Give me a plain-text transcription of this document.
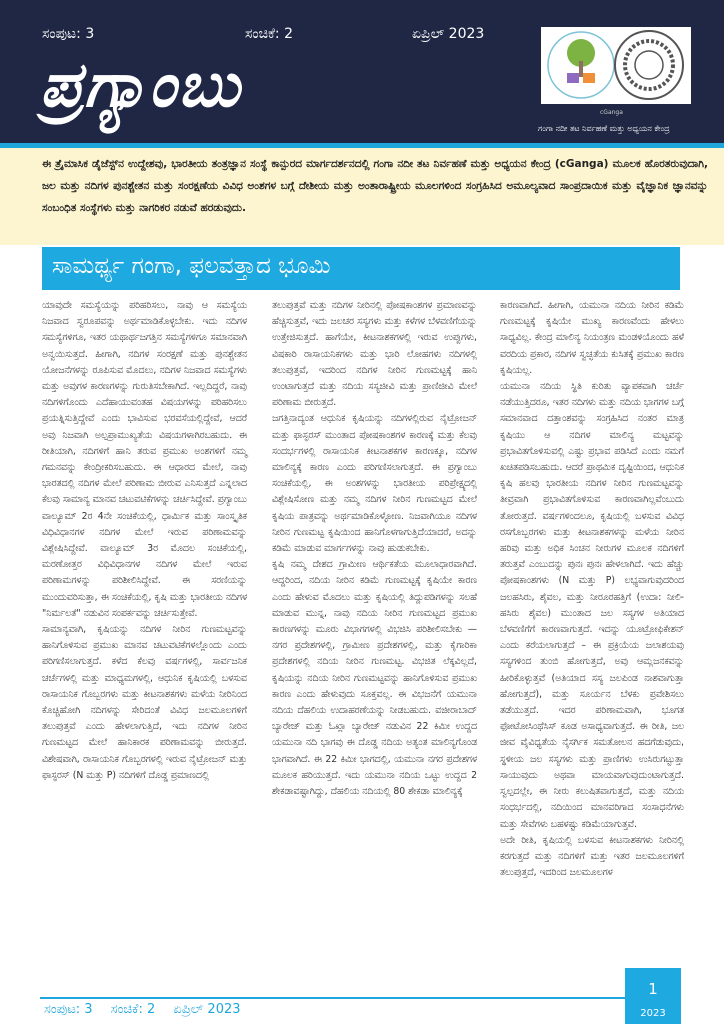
ಸಂಪುಟ: 3	ಸಂಚಿಕೆ: 2	ಏಪ್ರಿಲ್ 2023
ಪ್ರಗ್ಯಾಂಬು	cGanga
ಗಂಗಾ ನದೀ ತಟ ನಿರ್ವಹಣೆ ಮತ್ತು ಅಧ್ಯಯನ ಕೇಂದ್ರ

ಈ ತ್ರೈಮಾಸಿಕ ಡೈಜೆಸ್ಟ್‌ನ ಉದ್ದೇಶವು, ಭಾರತೀಯ ತಂತ್ರಜ್ಞಾನ ಸಂಸ್ಥೆ ಕಾನ್ಪುರದ ಮಾರ್ಗದರ್ಶನದಲ್ಲಿ ಗಂಗಾ ನದೀ ತಟ ನಿರ್ವಹಣೆ ಮತ್ತು ಅಧ್ಯಯನ ಕೇಂದ್ರ (cGanga) ಮೂಲಕ ಹೊರತರುವುದಾಗಿ, ಜಲ ಮತ್ತು ನದಿಗಳ ಪುನಶ್ಚೇತನ ಮತ್ತು ಸಂರಕ್ಷಣೆಯ ವಿವಿಧ ಅಂಶಗಳ ಬಗ್ಗೆ ದೇಶೀಯ ಮತ್ತು ಅಂತಾರಾಷ್ಟ್ರೀಯ ಮೂಲಗಳಿಂದ ಸಂಗ್ರಹಿಸಿದ ಅಮೂಲ್ಯವಾದ ಸಾಂಪ್ರದಾಯಿಕ ಮತ್ತು ವೈಜ್ಞಾನಿಕ ಜ್ಞಾನವನ್ನು ಸಂಬಂಧಿತ ಸಂಸ್ಥೆಗಳು ಮತ್ತು ನಾಗರಿಕರ ನಡುವೆ ಹರಡುವುದು.

ಸಾಮರ್ಥ್ಯ ಗಂಗಾ, ಫಲವತ್ತಾದ ಭೂಮಿ

ಯಾವುದೇ ಸಮಸ್ಯೆಯನ್ನು ಪರಿಹರಿಸಲು, ನಾವು ಆ ಸಮಸ್ಯೆಯ ನಿಜವಾದ ಸ್ವರೂಪವನ್ನು ಅರ್ಥಮಾಡಿಕೊಳ್ಳಬೇಕು. ಇದು ನದಿಗಳ ಸಮಸ್ಯೆಗಳಿಗೂ, ಇತರ ಯಥಾರ್ಥಜಗತ್ತಿನ ಸಮಸ್ಯೆಗಳಿಗೂ ಸಮಾನವಾಗಿ ಅನ್ವಯಿಸುತ್ತದೆ. ಹೀಗಾಗಿ, ನದಿಗಳ ಸಂರಕ್ಷಣೆ ಮತ್ತು ಪುನಶ್ಚೇತನ ಯೋಜನೆಗಳನ್ನು ರೂಪಿಸುವ ಮೊದಲು, ನದಿಗಳ ನಿಜವಾದ ಸಮಸ್ಯೆಗಳು ಮತ್ತು ಅವುಗಳ ಕಾರಣಗಳನ್ನು ಗುರುತಿಸಬೇಕಾಗಿದೆ. ಇಲ್ಲದಿದ್ದರೆ, ನಾವು ನದಿಗಳಿಗೊಂದು ಎದೆಹಾಯುವಂತಹ ವಿಷಯಗಳನ್ನು ಪರಿಹರಿಸಲು ಪ್ರಯತ್ನಿಸುತ್ತಿದ್ದೇವೆ ಎಂದು ಭಾವಿಸುವ ಭರವಸೆಯಲ್ಲಿದ್ದೇವೆ, ಆದರೆ ಅವು ನಿಜವಾಗಿ ಅಲ್ಪಪ್ರಾಮುಖ್ಯತೆಯ ವಿಷಯಗಳಾಗಿರಬಹುದು. ಈ ರೀತಿಯಾಗಿ, ನದಿಗಳಿಗೆ ಹಾನಿ ತರುವ ಪ್ರಮುಖ ಅಂಶಗಳಿಗೆ ನಮ್ಮ ಗಮನವನ್ನು ಕೇಂದ್ರೀಕರಿಸಬಹುದು. ಈ ಆಧಾರದ ಮೇಲೆ, ನಾವು ಭಾರತದಲ್ಲಿ ನದಿಗಳ ಮೇಲೆ ಪರಿಣಾಮ ಬೀರುವ ಎನಿಸುತ್ತದೆ ಎನ್ನಲಾದ ಕೆಲವು ಸಾಮಾನ್ಯ ಮಾನವ ಚಟುವಟಿಕೆಗಳನ್ನು ಚರ್ಚಿಸಿದ್ದೇವೆ. ಪ್ರಗ್ಯಾಂಬು ವಾಲ್ಯೂಮ್ 2ರ 4ನೇ ಸಂಚಿಕೆಯಲ್ಲಿ, ಧಾರ್ಮಿಕ ಮತ್ತು ಸಾಂಸ್ಕೃತಿಕ ವಿಧಿವಿಧಾನಗಳ ನದಿಗಳ ಮೇಲೆ ಇರುವ ಪರಿಣಾಮವನ್ನು ವಿಶ್ಲೇಷಿಸಿದ್ದೇವೆ. ವಾಲ್ಯೂಮ್ 3ರ ಮೊದಲ ಸಂಚಿಕೆಯಲ್ಲಿ, ಮರಣೋತ್ತರ ವಿಧಿವಿಧಾನಗಳ ನದಿಗಳ ಮೇಲೆ ಇರುವ ಪರಿಣಾಮಗಳನ್ನು ಪರಿಶೀಲಿಸಿದ್ದೇವೆ. ಈ ಸರಣಿಯನ್ನು ಮುಂದುವರಿಸುತ್ತಾ, ಈ ಸಂಚಿಕೆಯಲ್ಲಿ, ಕೃಷಿ ಮತ್ತು ಭಾರತೀಯ ನದಿಗಳ "ನಿರ್ಮಲತೆ" ನಡುವಿನ ಸಂಪರ್ಕವನ್ನು ಚರ್ಚಿಸುತ್ತೇವೆ.

ಸಾಮಾನ್ಯವಾಗಿ, ಕೃಷಿಯನ್ನು ನದಿಗಳ ನೀರಿನ ಗುಣಮಟ್ಟವನ್ನು ಹಾನಿಗೊಳಿಸುವ ಪ್ರಮುಖ ಮಾನವ ಚಟುವಟಿಕೆಗಳಲ್ಲೊಂದು ಎಂದು ಪರಿಗಣಿಸಲಾಗುತ್ತದೆ. ಕಳೆದ ಕೆಲವು ವರ್ಷಗಳಲ್ಲಿ, ಸಾರ್ವಜನಿಕ ಚರ್ಚೆಗಳಲ್ಲಿ ಮತ್ತು ಮಾಧ್ಯಮಗಳಲ್ಲಿ, ಆಧುನಿಕ ಕೃಷಿಯಲ್ಲಿ ಬಳಸುವ ರಾಸಾಯನಿಕ ಗೊಬ್ಬರಗಳು ಮತ್ತು ಕೀಟನಾಶಕಗಳು ಮಳೆಯ ನೀರಿನಿಂದ ಕೊಚ್ಚಿಹೋಗಿ ನದಿಗಳನ್ನು ಸೇರಿದಂತೆ ವಿವಿಧ ಜಲಮೂಲಗಳಿಗೆ ತಲುಪುತ್ತವೆ ಎಂದು ಹೇಳಲಾಗುತ್ತಿದೆ, ಇದು ನದಿಗಳ ನೀರಿನ ಗುಣಮಟ್ಟದ ಮೇಲೆ ಹಾನಿಕಾರಕ ಪರಿಣಾಮವನ್ನು ಬೀರುತ್ತದೆ. ವಿಶೇಷವಾಗಿ, ರಾಸಾಯನಿಕ ಗೊಬ್ಬರಗಳಲ್ಲಿ ಇರುವ ನೈಟ್ರೋಜನ್ ಮತ್ತು ಫಾಸ್ಫರಸ್ (N ಮತ್ತು P) ನದಿಗಳಿಗೆ ದೊಡ್ಡ ಪ್ರಮಾಣದಲ್ಲಿ

ತಲುಪುತ್ತವೆ ಮತ್ತು ನದಿಗಳ ನೀರಿನಲ್ಲಿ ಪೋಷಕಾಂಶಗಳ ಪ್ರಮಾಣವನ್ನು ಹೆಚ್ಚಿಸುತ್ತವೆ, ಇದು ಜಲಚರ ಸಸ್ಯಗಳು ಮತ್ತು ಕಳೆಗಳ ಬೆಳವಣಿಗೆಯನ್ನು ಉತ್ತೇಜಿಸುತ್ತದೆ. ಹಾಗೆಯೇ, ಕೀಟನಾಶಕಗಳಲ್ಲಿ ಇರುವ ಉಪ್ಪುಗಳು, ವಿಷಕಾರಿ ರಾಸಾಯನಿಕಗಳು ಮತ್ತು ಭಾರಿ ಲೋಹಗಳು ನದಿಗಳಲ್ಲಿ ತಲುಪುತ್ತವೆ, ಇದರಿಂದ ನದಿಗಳ ನೀರಿನ ಗುಣಮಟ್ಟಕ್ಕೆ ಹಾನಿ ಉಂಟಾಗುತ್ತದೆ ಮತ್ತು ನದಿಯ ಸಸ್ಯಜೀವಿ ಮತ್ತು ಪ್ರಾಣಿಜೀವಿ ಮೇಲೆ ಪರಿಣಾಮ ಬೀರುತ್ತದೆ.

ಜಗತ್ತಿನಾದ್ಯಂತ ಆಧುನಿಕ ಕೃಷಿಯನ್ನು ನದಿಗಳಲ್ಲಿರುವ ನೈಟ್ರೋಜನ್ ಮತ್ತು ಫಾಸ್ಫರಸ್ ಮುಂತಾದ ಪೋಷಕಾಂಶಗಳ ಕಾರಣಕ್ಕೆ ಮತ್ತು ಕೆಲವು ಸಂದರ್ಭಗಳಲ್ಲಿ ರಾಸಾಯನಿಕ ಕೀಟನಾಶಕಗಳ ಕಾರಣಕ್ಕೂ, ನದಿಗಳ ಮಾಲಿನ್ಯಕ್ಕೆ ಕಾರಣ ಎಂದು ಪರಿಗಣಿಸಲಾಗುತ್ತದೆ. ಈ ಪ್ರಗ್ಯಾಂಬು ಸಂಚಿಕೆಯಲ್ಲಿ, ಈ ಅಂಶಗಳನ್ನು ಭಾರತೀಯ ಪರಿಪ್ರೇಕ್ಷ್ಯದಲ್ಲಿ ವಿಶ್ಲೇಷಿಸೋಣ ಮತ್ತು ನಮ್ಮ ನದಿಗಳ ನೀರಿನ ಗುಣಮಟ್ಟದ ಮೇಲೆ ಕೃಷಿಯ ಪಾತ್ರವನ್ನು ಅರ್ಥಮಾಡಿಕೊಳ್ಳೋಣ. ನಿಜವಾಗಿಯೂ ನದಿಗಳ ನೀರಿನ ಗುಣಮಟ್ಟ ಕೃಷಿಯಿಂದ ಹಾನಿಗೊಳಗಾಗುತ್ತಿದೆಯಾದರೆ, ಅದನ್ನು ಕಡಿಮೆ ಮಾಡುವ ಮಾರ್ಗಗಳನ್ನು ನಾವು ಹುಡುಕಬೇಕು.

ಕೃಷಿ ನಮ್ಮ ದೇಶದ ಗ್ರಾಮೀಣ ಆರ್ಥಿಕತೆಯ ಮೂಲಾಧಾರವಾಗಿದೆ. ಆದ್ದರಿಂದ, ನದಿಯ ನೀರಿನ ಕಡಿಮೆ ಗುಣಮಟ್ಟಕ್ಕೆ ಕೃಷಿಯೇ ಕಾರಣ ಎಂದು ಹೇಳುವ ಮೊದಲು ಮತ್ತು ಕೃಷಿಯಲ್ಲಿ ತಿದ್ದುಪಡಿಗಳನ್ನು ಸಲಹೆ ಮಾಡುವ ಮುನ್ನ, ನಾವು ನದಿಯ ನೀರಿನ ಗುಣಮಟ್ಟದ ಪ್ರಮುಖ ಕಾರಣಗಳನ್ನು ಮೂರು ವಿಭಾಗಗಳಲ್ಲಿ ವಿಭಜಿಸಿ ಪರಿಶೀಲಿಸಬೇಕು — ನಗರ ಪ್ರದೇಶಗಳಲ್ಲಿ, ಗ್ರಾಮೀಣ ಪ್ರದೇಶಗಳಲ್ಲಿ, ಮತ್ತು ಕೈಗಾರಿಕಾ ಪ್ರದೇಶಗಳಲ್ಲಿ ನದಿಯ ನೀರಿನ ಗುಣಮಟ್ಟ. ವಿಭಜಿತ ಲೆಕ್ಕವಿಲ್ಲದೆ, ಕೃಷಿಯನ್ನು ನದಿಯ ನೀರಿನ ಗುಣಮಟ್ಟವನ್ನು ಹಾನಿಗೊಳಿಸುವ ಪ್ರಮುಖ ಕಾರಣ ಎಂದು ಹೇಳುವುದು ಸೂಕ್ತವಲ್ಲ. ಈ ವಿಭಜನೆಗೆ ಯಮುನಾ ನದಿಯ ದೆಹಲಿಯ ಉದಾಹರಣೆಯನ್ನು ನೀಡಬಹುದು. ವಜೀರಾಬಾದ್ ಬ್ಯಾರೇಜ್ ಮತ್ತು ಓಖ್ಲಾ ಬ್ಯಾರೇಜ್ ನಡುವಿನ 22 ಕಿಮೀ ಉದ್ದದ ಯಮುನಾ ನದಿ ಭಾಗವು ಈ ದೊಡ್ಡ ನದಿಯ ಅತ್ಯಂತ ಮಾಲಿನ್ಯಗೊಂಡ ಭಾಗವಾಗಿದೆ. ಈ 22 ಕಿಮೀ ಭಾಗದಲ್ಲಿ, ಯಮುನಾ ನಗರ ಪ್ರದೇಶಗಳ ಮೂಲಕ ಹರಿಯುತ್ತದೆ. ಇದು ಯಮುನಾ ನದಿಯ ಒಟ್ಟು ಉದ್ದದ 2 ಶೇಕಡಾವಷ್ಟಾಗಿದ್ದು, ದೆಹಲಿಯ ನದಿಯಲ್ಲಿ 80 ಶೇಕಡಾ ಮಾಲಿನ್ಯಕ್ಕೆ

ಕಾರಣವಾಗಿದೆ. ಹೀಗಾಗಿ, ಯಮುನಾ ನದಿಯ ನೀರಿನ ಕಡಿಮೆ ಗುಣಮಟ್ಟಕ್ಕೆ ಕೃಷಿಯೇ ಮುಖ್ಯ ಕಾರಣವೆಂದು ಹೇಳಲು ಸಾಧ್ಯವಿಲ್ಲ. ಕೇಂದ್ರ ಮಾಲಿನ್ಯ ನಿಯಂತ್ರಣ ಮಂಡಳಿಯೊಂದು ಹಳೆ ವರದಿಯ ಪ್ರಕಾರ, ನದಿಗಳ ಸ್ವಚ್ಛತೆಯ ಕುಸಿತಕ್ಕೆ ಪ್ರಮುಖ ಕಾರಣ ಕೃಷಿಯಲ್ಲ.

ಯಮುನಾ ನದಿಯ ಸ್ಥಿತಿ ಕುರಿತು ವ್ಯಾಪಕವಾಗಿ ಚರ್ಚೆ ನಡೆಯುತ್ತಿದರೂ, ಇತರ ನದಿಗಳು ಮತ್ತು ನದಿಯ ಭಾಗಗಳ ಬಗ್ಗೆ ಸಮಾನವಾದ ದತ್ತಾಂಶವನ್ನು ಸಂಗ್ರಹಿಸಿದ ನಂತರ ಮಾತ್ರ ಕೃಷಿಯು ಆ ನದಿಗಳ ಮಾಲಿನ್ಯ ಮಟ್ಟವನ್ನು ಪ್ರಭಾವಿತಗೊಳಿಸುವಲ್ಲಿ ಎಷ್ಟು ಪ್ರಭಾವ ಪಡಿಸಿದೆ ಎಂದು ನಮಗೆ ಖಚಿತಪಡಿಸಬಹುದು. ಆದರೆ ಪ್ರಾಥಮಿಕ ದೃಷ್ಟಿಯಿಂದ, ಆಧುನಿಕ ಕೃಷಿ ಹಲವು ಭಾರತೀಯ ನದಿಗಳ ನೀರಿನ ಗುಣಮಟ್ಟವನ್ನು ತೀವ್ರವಾಗಿ ಪ್ರಭಾವಿತಗೊಳಿಸುವ ಕಾರಣವಾಗಿಲ್ಲವೆಂಬುದು ತೋರುತ್ತದೆ. ವರ್ಷಗಳಿಂದಲೂ, ಕೃಷಿಯಲ್ಲಿ ಬಳಸುವ ವಿವಿಧ ರಸಗೊಬ್ಬರಗಳು ಮತ್ತು ಕೀಟನಾಶಕಗಳನ್ನು ಮಳೆಯ ನೀರಿನ ಹರಿವು ಮತ್ತು ಅಧಿಕ ಸಿಂಚನ ನೀರುಗಳ ಮೂಲಕ ನದಿಗಳಿಗೆ ತರುತ್ತವೆ ಎಂಬುದನ್ನು ಪುನಃ ಪುನಃ ಹೇಳಲಾಗಿದೆ. ಇದು ಹೆಚ್ಚು ಪೋಷಕಾಂಶಗಳು (N ಮತ್ತು P) ಲಭ್ಯವಾಗುವುದರಿಂದ ಜಲಹಸಿರು, ಶೈವಲ, ಮತ್ತು ನೀರೂರಹತ್ತಿಗೆ (ಉದಾ: ನೀಲಿ-ಹಸಿರು ಶೈವಲ) ಮುಂತಾದ ಜಲ ಸಸ್ಯಗಳ ಅತಿಯಾದ ಬೆಳವಣಿಗೆಗೆ ಕಾರಣವಾಗುತ್ತದೆ. ಇದನ್ನು ಯೂಟ್ರೋಫಿಕೇಶನ್ ಎಂದು ಕರೆಯಲಾಗುತ್ತದೆ – ಈ ಪ್ರಕ್ರಿಯೆಯ ಜಲಾಶಯವು ಸಸ್ಯಗಳಿಂದ ತುಂಬಿ ಹೋಗುತ್ತದೆ, ಅವು ಆಮ್ಲಜನಕವನ್ನು ಹೀರಿಕೊಳ್ಳುತ್ತವೆ (ಅತಿಯಾದ ಸಸ್ಯ ಜಲಪಿಂಡ ನಾಶವಾಗುತ್ತಾ ಹೋಗುತ್ತದೆ), ಮತ್ತು ಸೂರ್ಯನ ಬೆಳಕು ಪ್ರವೇಶಿಸಲು ತಡೆಯುತ್ತದೆ. ಇದರ ಪರಿಣಾಮವಾಗಿ, ಭೂಗತ ಫೋಟೋಸಿಂಥೆಸಿಸ್ ಕೂಡ ಅಸಾಧ್ಯವಾಗುತ್ತದೆ. ಈ ರೀತಿ, ಜಲ ಜೀವ ವೈವಿಧ್ಯತೆಯ ನೈಸರ್ಗಿಕ ಸಮತೋಲನ ಹದಗೆಡುವುದು, ಸ್ಥಳೀಯ ಜಲ ಸಸ್ಯಗಳು ಮತ್ತು ಪ್ರಾಣಿಗಳು ಉಸಿರುಗಟ್ಟುತ್ತಾ ಸಾಯುವುದು ಅಥವಾ ಮಾಯವಾಗುವುದುಂಟಾಗುತ್ತದೆ. ಸ್ವಲ್ಪದಲ್ಲೇ, ಈ ನೀರು ಕಲುಷಿತವಾಗುತ್ತದೆ, ಮತ್ತು ನದಿಯ ಸಂಧರ್ಭದಲ್ಲಿ, ನದಿಯಿಂದ ಮಾನವರಿಗಾದ ಸಂಸಾಧನೆಗಳು ಮತ್ತು ಸೇವೆಗಳು ಬಹಳಷ್ಟು ಕಡಿಮೆಯಾಗುತ್ತವೆ.

ಅದೇ ರೀತಿ, ಕೃಷಿಯಲ್ಲಿ ಬಳಸುವ ಕೀಟನಾಶಕಗಳು ನೀರಿನಲ್ಲಿ ಕರಗುತ್ತದೆ ಮತ್ತು ನದಿಗಳಿಗೆ ಮತ್ತು ಇತರ ಜಲಮೂಲಗಳಿಗೆ ತಲುಪುತ್ತದೆ, ಇದರಿಂದ ಜಲಮೂಲಗಳ

ಸಂಪುಟ: 3 ಸಂಚಿಕೆ: 2 ಏಪ್ರಿಲ್ 2023
1
2023
